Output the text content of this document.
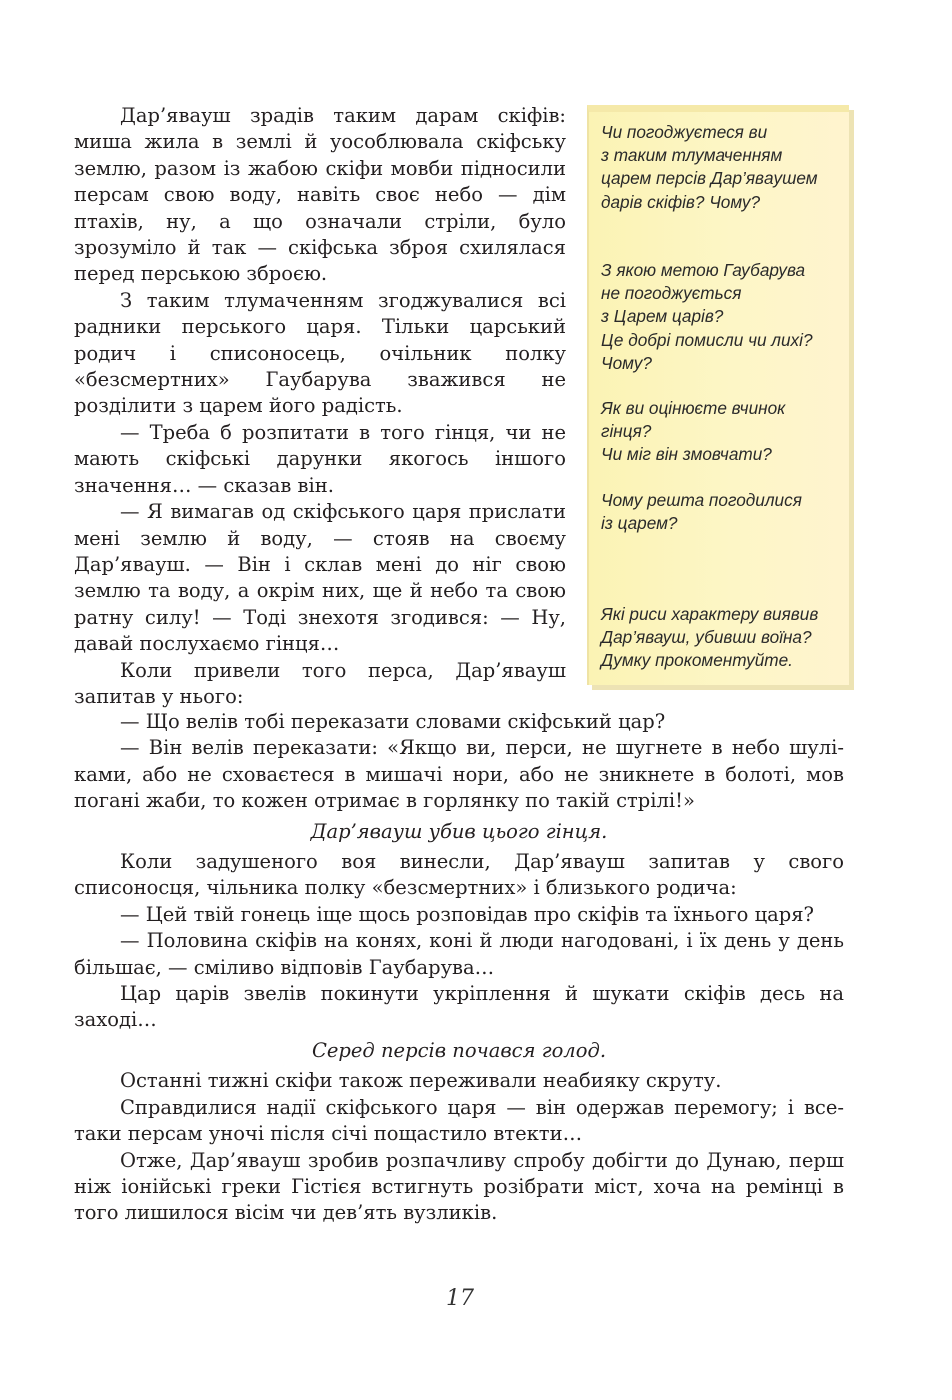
Дар’явауш зрадів таким дарам скіфів: миша жила в землі й уособлювала скіфську землю, разом із жабою скіфи мовби підносили персам свою воду, навіть своє небо — дім птахів, ну, а що означали стріли, було зрозуміло й так — скіфська зброя схилялася перед перською зброєю.

З таким тлумаченням згоджувалися всі радники перського царя. Тільки царський родич і списоносець, очільник полку «безсмертних» Гаубарува зважився не розділити з царем його радість.

— Треба б розпитати в того гінця, чи не мають скіфські дарунки якогось іншого значення… — сказав він.

— Я вимагав од скіфського царя прислати мені землю й воду, — стояв на своєму Дар’явауш. — Він і склав мені до ніг свою землю та воду, а окрім них, ще й небо та свою ратну силу! — Тоді знехотя згодився: — Ну, давай послухаємо гінця…

Коли привели того перса, Дар’явауш запитав у нього:

Чи погоджуєтеся ви
з таким тлумаченням
царем персів Дар’явaушем
дарів скіфів? Чому?

З якою метою Гаубарува
не погоджується
з Царем царів?
Це добрі помисли чи лихі?
Чому?

Як ви оцінюєте вчинок
гінця?
Чи міг він змовчати?

Чому решта погодилися
із царем?

Які риси характеру виявив
Дар’явауш, убивши воїна?
Думку прокоментуйте.

— Що велів тобі переказати словами скіфський цар?

— Він велів переказати: «Якщо ви, перси, не шугнете в небо шуліками, або не сховаєтеся в мишачі нори, або не зникнете в болоті, мов погані жаби, то кожен отримає в горлянку по такій стрілі!»

Дар’явауш убив цього гінця.

Коли задушеного воя винесли, Дар’явауш запитав у свого списоносця, чільника полку «безсмертних» і близького родича:

— Цей твій гонець іще щось розповідав про скіфів та їхнього царя?

— Половина скіфів на конях, коні й люди нагодовані, і їх день у день більшає, — сміливо відповів Гаубарува…

Цар царів звелів покинути укріплення й шукати скіфів десь на заході…

Серед персів почався голод.

Останні тижні скіфи також переживали неабияку скруту.

Справдилися надії скіфського царя — він одержав перемогу; і всетаки персам уночі після січі пощастило втекти…

Отже, Дар’явауш зробив розпачливу спробу добігти до Дунаю, перш ніж іонійські греки Гістієя встигнуть розібрати міст, хоча на ремінці в того лишилося вісім чи дев’ять вузликів.

17
